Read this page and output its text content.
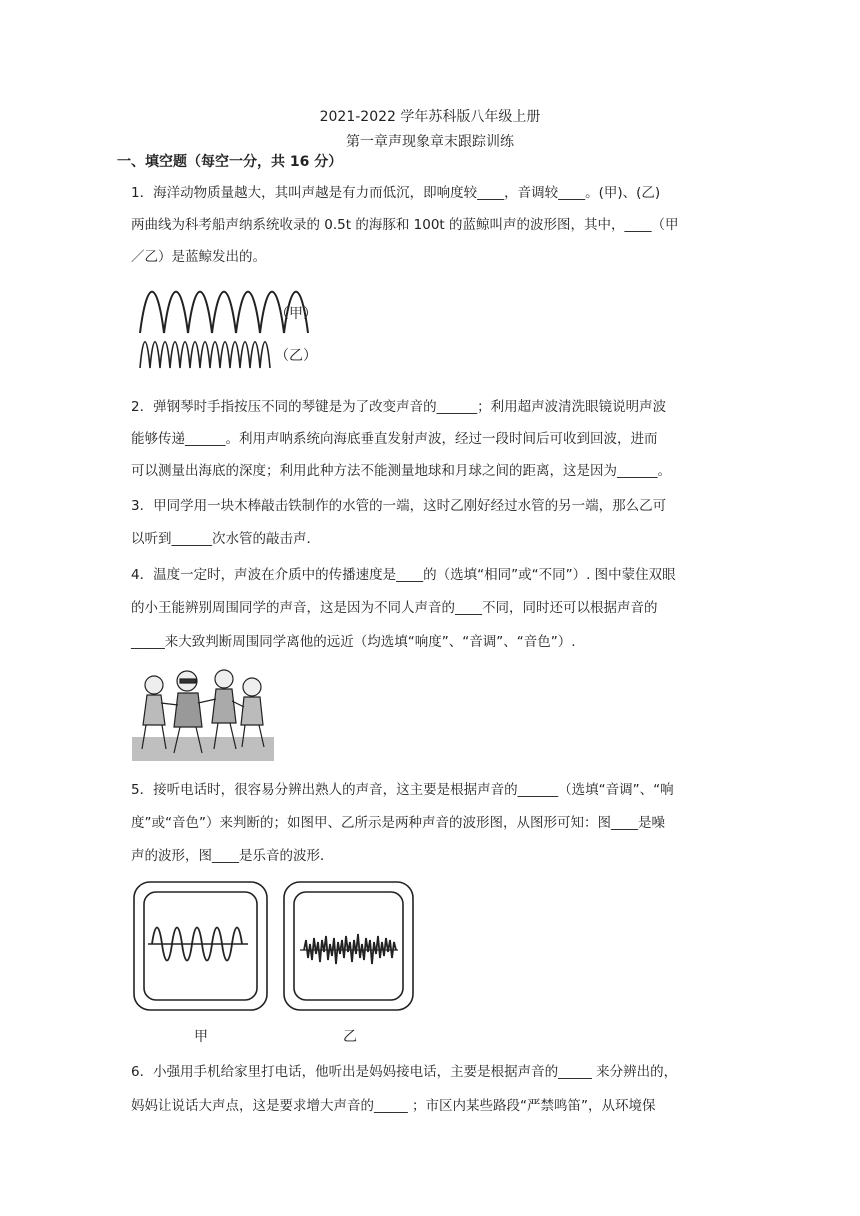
2021-2022 学年苏科版八年级上册
第一章声现象章末跟踪训练
一、填空题（每空一分，共 16 分）
1．海洋动物质量越大，其叫声越是有力而低沉，即响度较____，音调较____。(甲)、(乙)
两曲线为科考船声纳系统收录的 0.5t 的海豚和 100t 的蓝鲸叫声的波形图，其中，____（甲
／乙）是蓝鲸发出的。
（甲）
（乙）
2．弹钢琴时手指按压不同的琴键是为了改变声音的______；利用超声波清洗眼镜说明声波
能够传递______。利用声呐系统向海底垂直发射声波，经过一段时间后可收到回波，进而
可以测量出海底的深度；利用此种方法不能测量地球和月球之间的距离，这是因为______。
3．甲同学用一块木棒敲击铁制作的水管的一端，这时乙刚好经过水管的另一端，那么乙可
以听到______次水管的敲击声．
4．温度一定时，声波在介质中的传播速度是____的（选填“相同”或“不同”）. 图中蒙住双眼
的小王能辨别周围同学的声音，这是因为不同人声音的____不同，同时还可以根据声音的
_____来大致判断周围同学离他的远近（均选填“响度”、“音调”、“音色”）.
5．接听电话时，很容易分辨出熟人的声音，这主要是根据声音的______（选填“音调”、“响
度”或“音色”）来判断的；如图甲、乙所示是两种声音的波形图，从图形可知：图____是噪
声的波形，图____是乐音的波形．
甲	乙
6．小强用手机给家里打电话，他听出是妈妈接电话，主要是根据声音的_____ 来分辨出的，
妈妈让说话大声点，这是要求增大声音的_____ ；市区内某些路段“严禁鸣笛”，从环境保
